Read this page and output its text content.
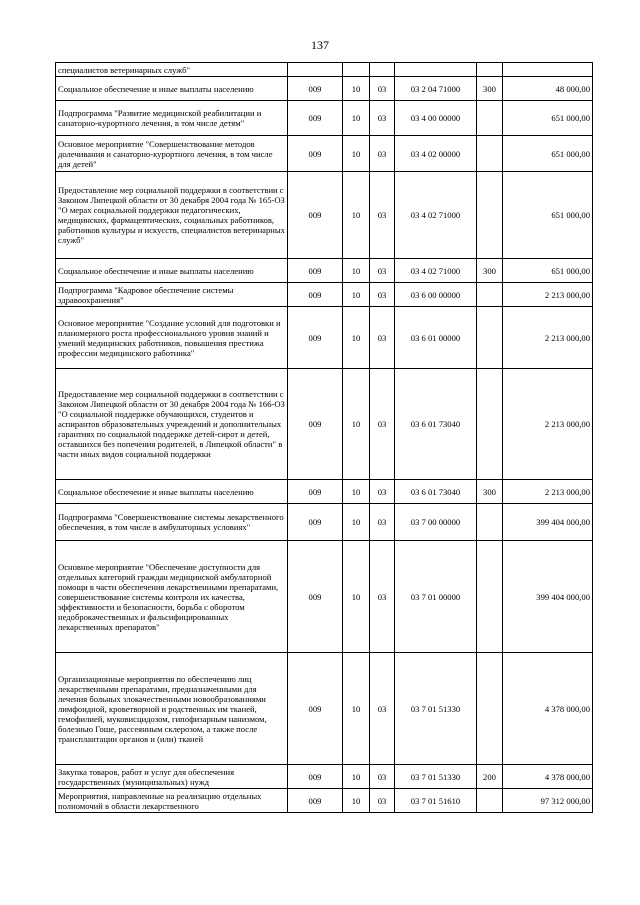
137
специалистов ветеринарных служб"						
Социальное обеспечение и иные выплаты населению	009	10	03	03 2 04 71000	300	48 000,00
Подпрограмма "Развитие медицинской реабилитации и санаторно-курортного лечения, в том числе детям"	009	10	03	03 4 00 00000		651 000,00
Основное мероприятие "Совершенствование методов долечивания и санаторно-курортного лечения, в том числе для детей"	009	10	03	03 4 02 00000		651 000,00
Предоставление мер социальной поддержки в соответствии с Законом Липецкой области от 30 декабря 2004 года № 165-ОЗ "О мерах социальной поддержки педагогических, медицинских, фармацевтических, социальных работников, работников культуры и искусств, специалистов ветеринарных служб"	009	10	03	03 4 02 71000		651 000,00
Социальное обеспечение и иные выплаты населению	009	10	03	03 4 02 71000	300	651 000,00
Подпрограмма "Кадровое обеспечение системы здравоохранения"	009	10	03	03 6 00 00000		2 213 000,00
Основное мероприятие "Создание условий для подготовки и планомерного роста профессионального уровня знаний и умений медицинских работников, повышения престижа профессии медицинского работника"	009	10	03	03 6 01 00000		2 213 000,00
Предоставление мер социальной поддержки в соответствии с Законом Липецкой области от 30 декабря 2004 года № 166-ОЗ "О социальной поддержке обучающихся, студентов и аспирантов образовательных учреждений и дополнительных гарантиях по социальной поддержке детей-сирот и детей, оставшихся без попечения родителей, в Липецкой области" в части иных видов социальной поддержки	009	10	03	03 6 01 73040		2 213 000,00
Социальное обеспечение и иные выплаты населению	009	10	03	03 6 01 73040	300	2 213 000,00
Подпрограмма "Совершенствование системы лекарственного обеспечения, в том числе в амбулаторных условиях"	009	10	03	03 7 00 00000		399 404 000,00
Основное мероприятие "Обеспечение доступности для отдельных категорий граждан медицинской амбулаторной помощи в части обеспечения лекарственными препаратами, совершенствование системы контроля их качества, эффективности и безопасности, борьба с оборотом недоброкачественных и фальсифицированных лекарственных препаратов"	009	10	03	03 7 01 00000		399 404 000,00
Организационные мероприятия по обеспечению лиц лекарственными препаратами, предназначенными для лечения больных злокачественными новообразованиями лимфоидной, кроветворной и родственных им тканей, гемофилией, муковисцидозом, гипофизарным нанизмом, болезнью Гоше, рассеянным склерозом, а также после трансплантации органов и (или) тканей	009	10	03	03 7 01 51330		4 378 000,00
Закупка товаров, работ и услуг для обеспечения государственных (муниципальных) нужд	009	10	03	03 7 01 51330	200	4 378 000,00
Мероприятия, направленные на реализацию отдельных полномочий в области лекарственного	009	10	03	03 7 01 51610		97 312 000,00
